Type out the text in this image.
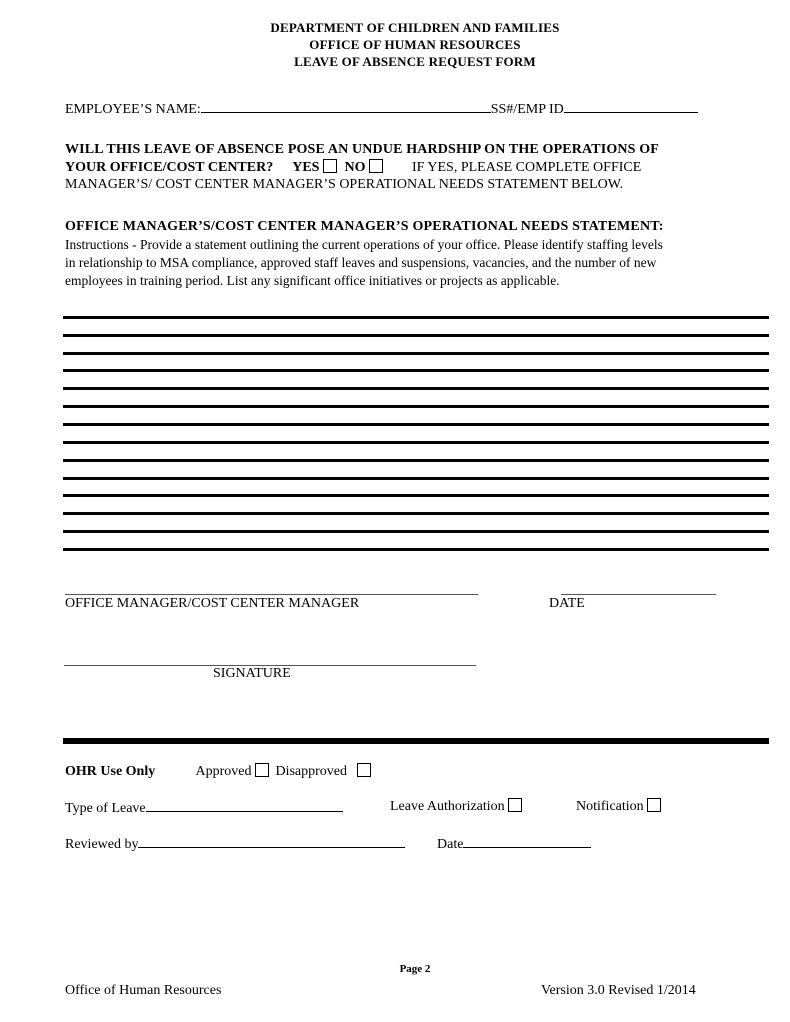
DEPARTMENT OF CHILDREN AND FAMILIES
OFFICE OF HUMAN RESOURCES
LEAVE OF ABSENCE REQUEST FORM
EMPLOYEE’S NAME:	SS#/EMP ID
WILL THIS LEAVE OF ABSENCE POSE AN UNDUE HARDSHIP ON THE OPERATIONS OF
YOUR OFFICE/COST CENTER? YES NO	IF YES, PLEASE COMPLETE OFFICE
MANAGER’S/ COST CENTER MANAGER’S OPERATIONAL NEEDS STATEMENT BELOW.
OFFICE MANAGER’S/COST CENTER MANAGER’S OPERATIONAL NEEDS STATEMENT:
Instructions - Provide a statement outlining the current operations of your office. Please identify staffing levels
in relationship to MSA compliance, approved staff leaves and suspensions, vacancies, and the number of new
employees in training period. List any significant office initiatives or projects as applicable.
OFFICE MANAGER/COST CENTER MANAGER	DATE
SIGNATURE
OHR Use Only	Approved Disapproved
Type of Leave	Leave Authorization	Notification
Reviewed by	Date
Page 2
Office of Human Resources	Version 3.0 Revised 1/2014
